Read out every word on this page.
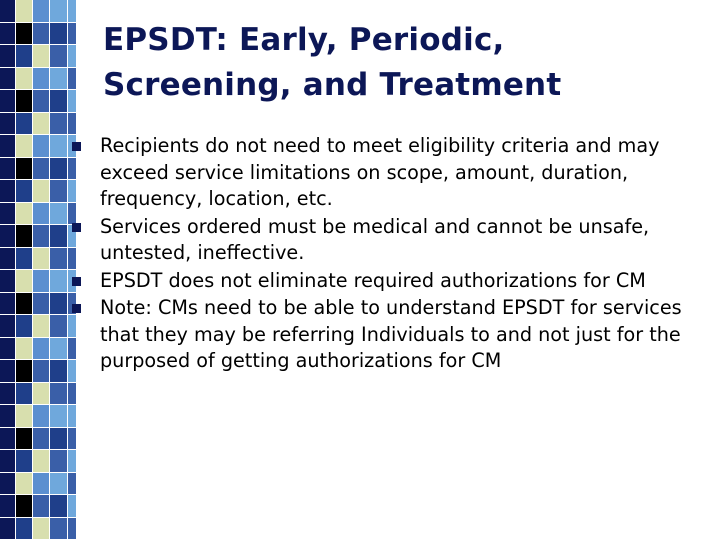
EPSDT: Early, Periodic, Screening, and Treatment
Recipients do not need to meet eligibility criteria and may exceed service limitations on scope, amount, duration, frequency, location, etc.
Services ordered must be medical and cannot be unsafe, untested, ineffective.
EPSDT does not eliminate required authorizations for CM
Note: CMs need to be able to understand EPSDT for services that they may be referring Individuals to and not just for the purposed of getting authorizations for CM
